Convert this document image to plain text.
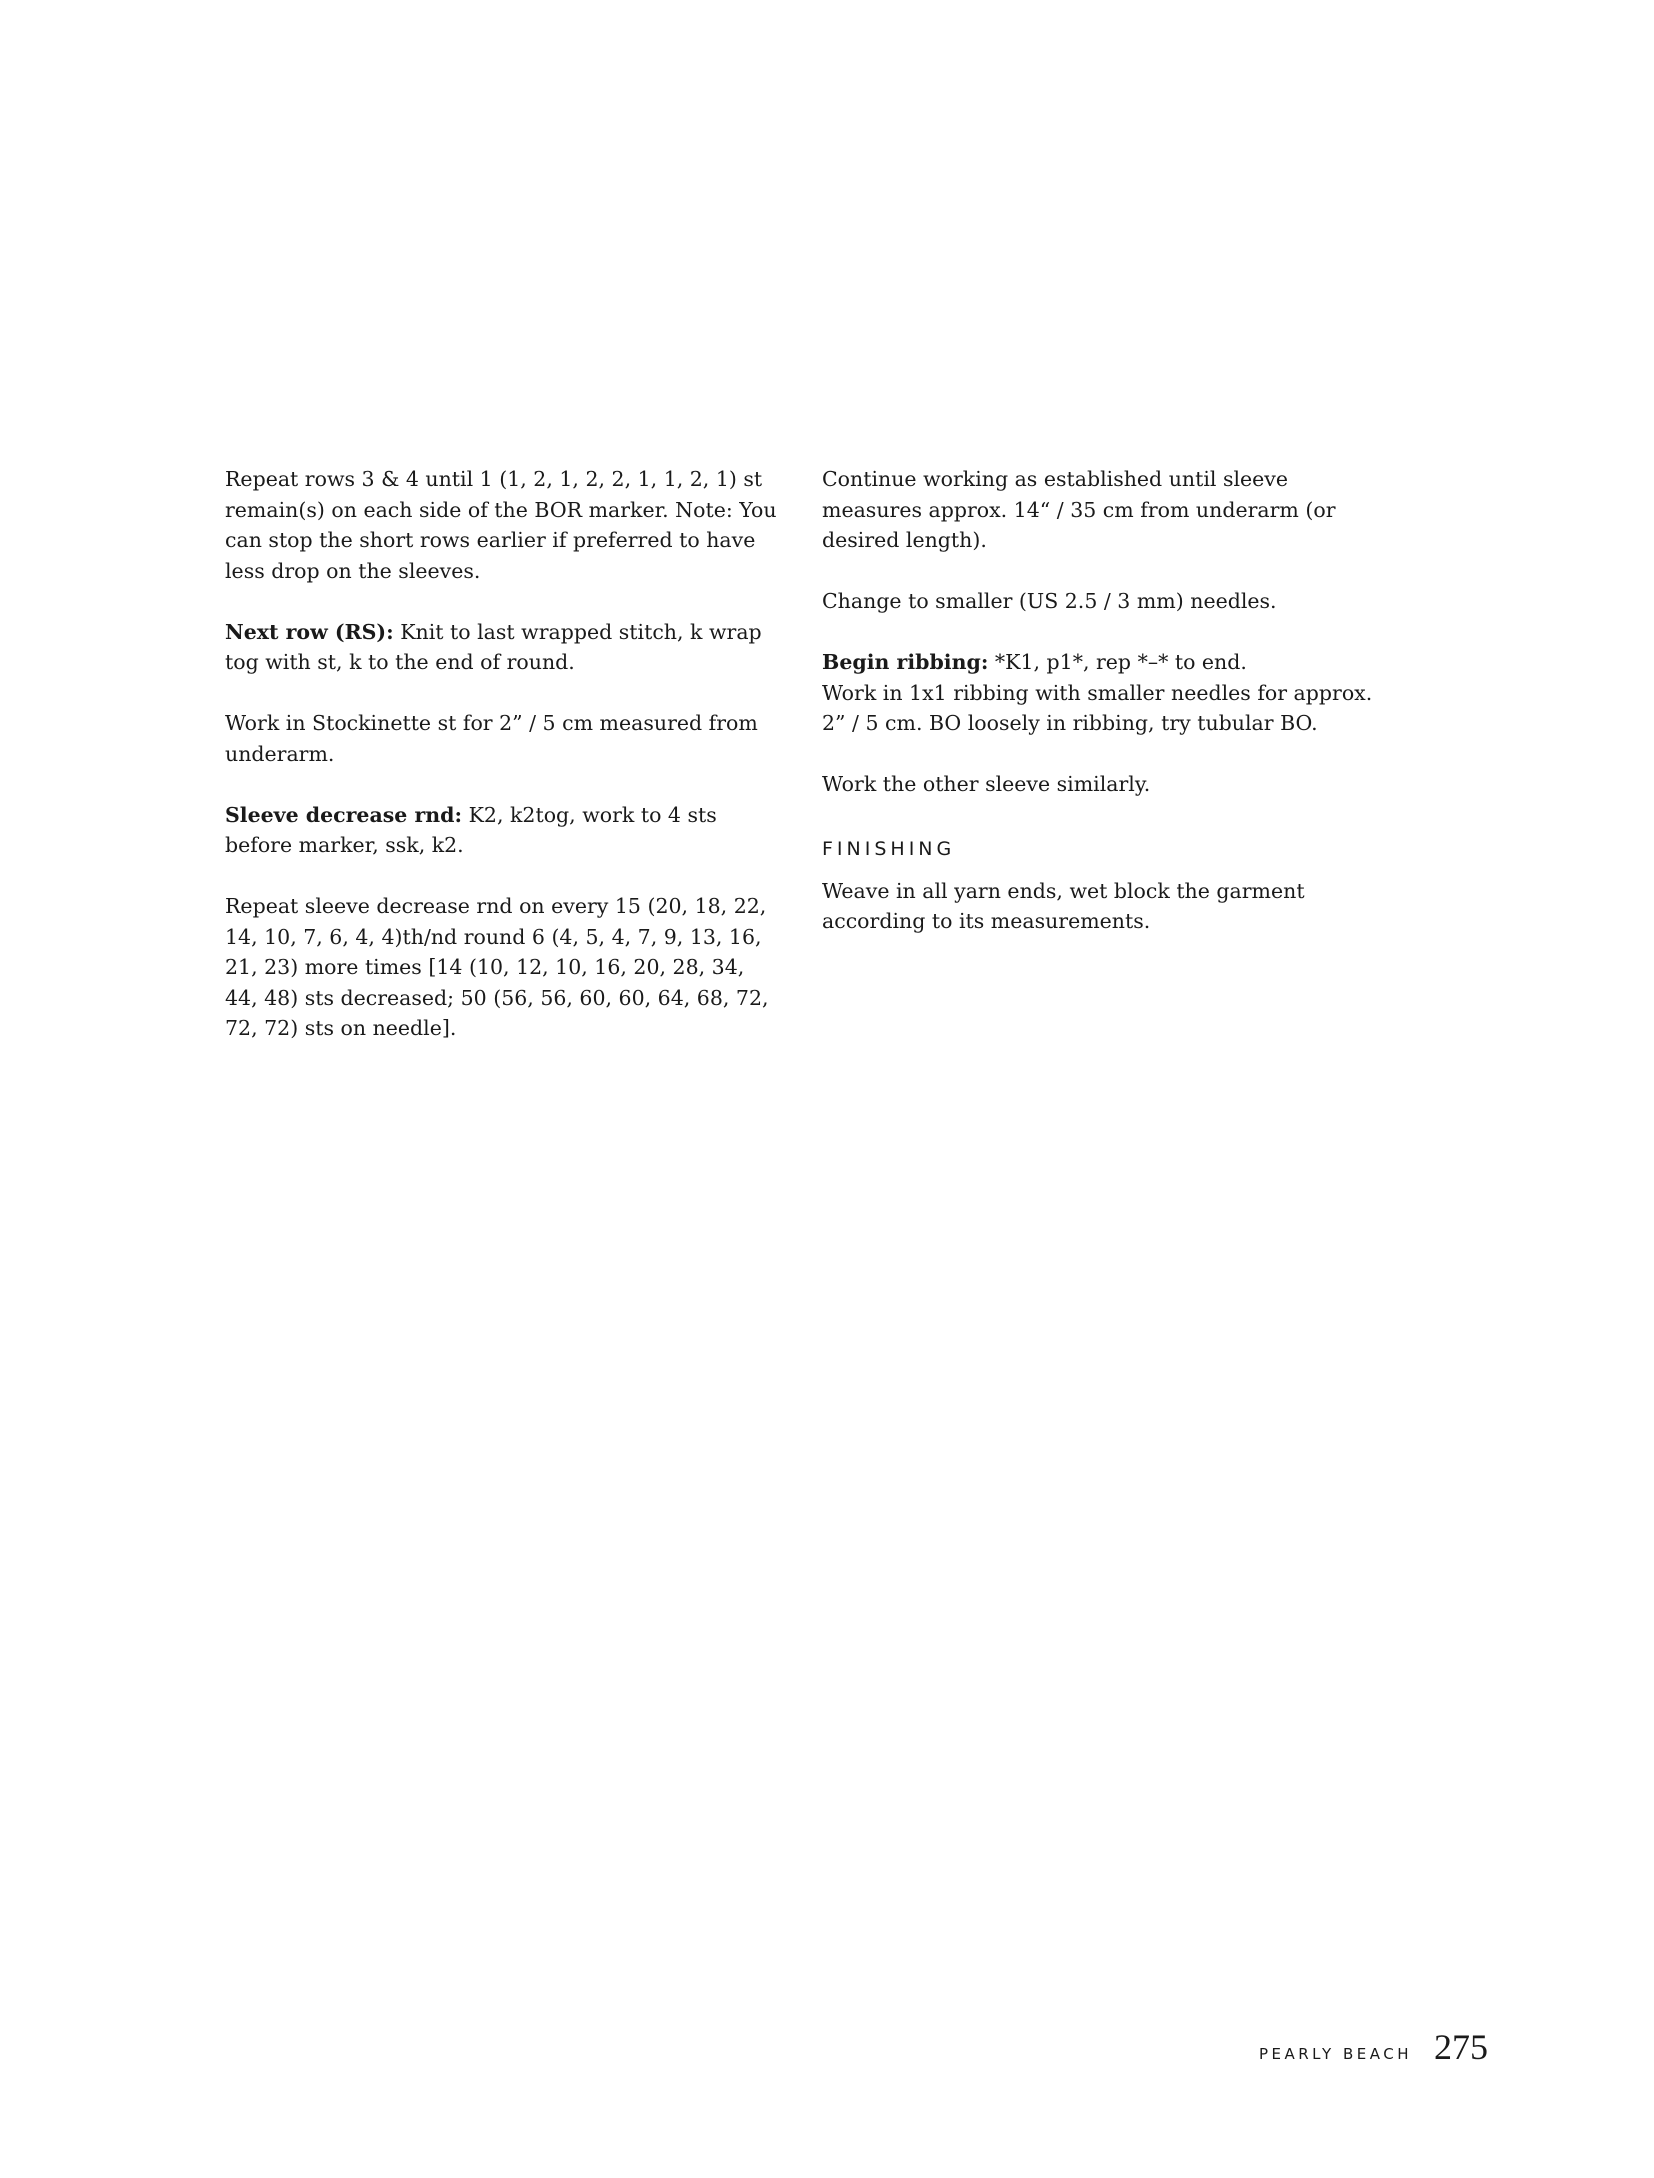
Repeat rows 3 & 4 until 1 (1, 2, 1, 2, 2, 1, 1, 2, 1) st remain(s) on each side of the BOR marker. Note: You can stop the short rows earlier if preferred to have less drop on the sleeves.

Next row (RS): Knit to last wrapped stitch, k wrap tog with st, k to the end of round.

Work in Stockinette st for 2” / 5 cm measured from underarm.

Sleeve decrease rnd: K2, k2tog, work to 4 sts before marker, ssk, k2.

Repeat sleeve decrease rnd on every 15 (20, 18, 22, 14, 10, 7, 6, 4, 4)th/nd round 6 (4, 5, 4, 7, 9, 13, 16, 21, 23) more times [14 (10, 12, 10, 16, 20, 28, 34, 44, 48) sts decreased; 50 (56, 56, 60, 60, 64, 68, 72, 72, 72) sts on needle].

Continue working as established until sleeve measures approx. 14“ / 35 cm from underarm (or desired length).

Change to smaller (US 2.5 / 3 mm) needles.

Begin ribbing: *K1, p1*, rep *–* to end.
Work in 1x1 ribbing with smaller needles for approx. 2” / 5 cm. BO loosely in ribbing, try tubular BO.

Work the other sleeve similarly.

FINISHING

Weave in all yarn ends, wet block the garment according to its measurements.

PEARLY BEACH 275
